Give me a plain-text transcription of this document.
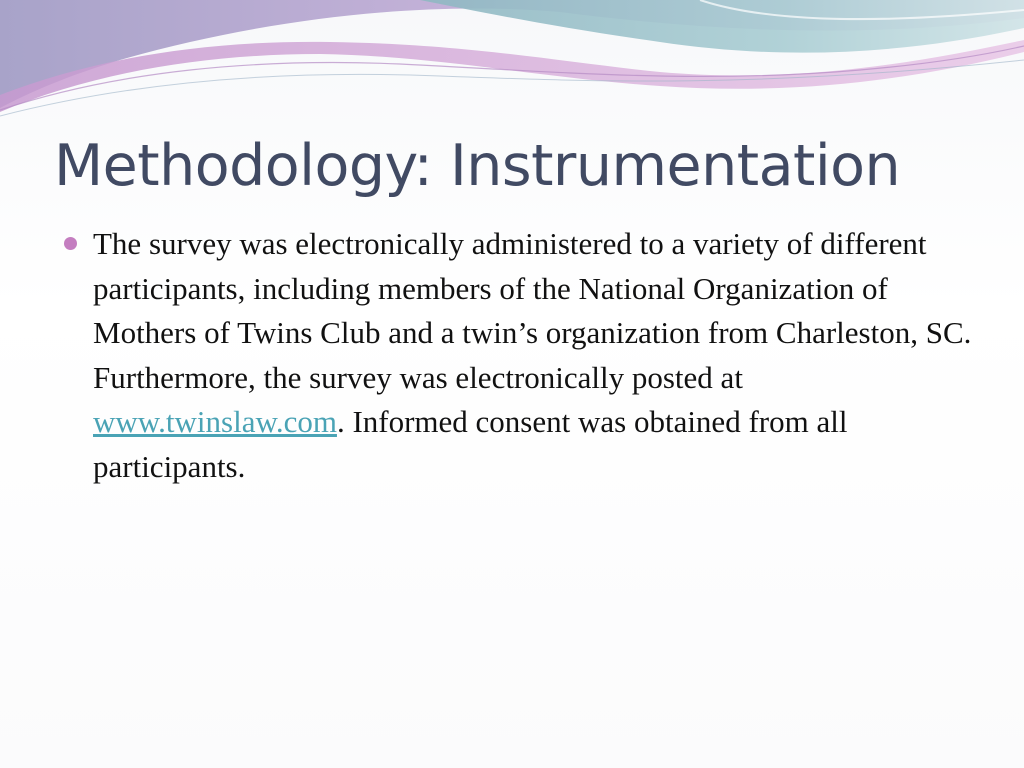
Methodology: Instrumentation

The survey was electronically administered to a variety of different participants, including members of the National Organization of Mothers of Twins Club and a twin’s organization from Charleston, SC. Furthermore, the survey was electronically posted at www.twinslaw.com. Informed consent was obtained from all participants.
